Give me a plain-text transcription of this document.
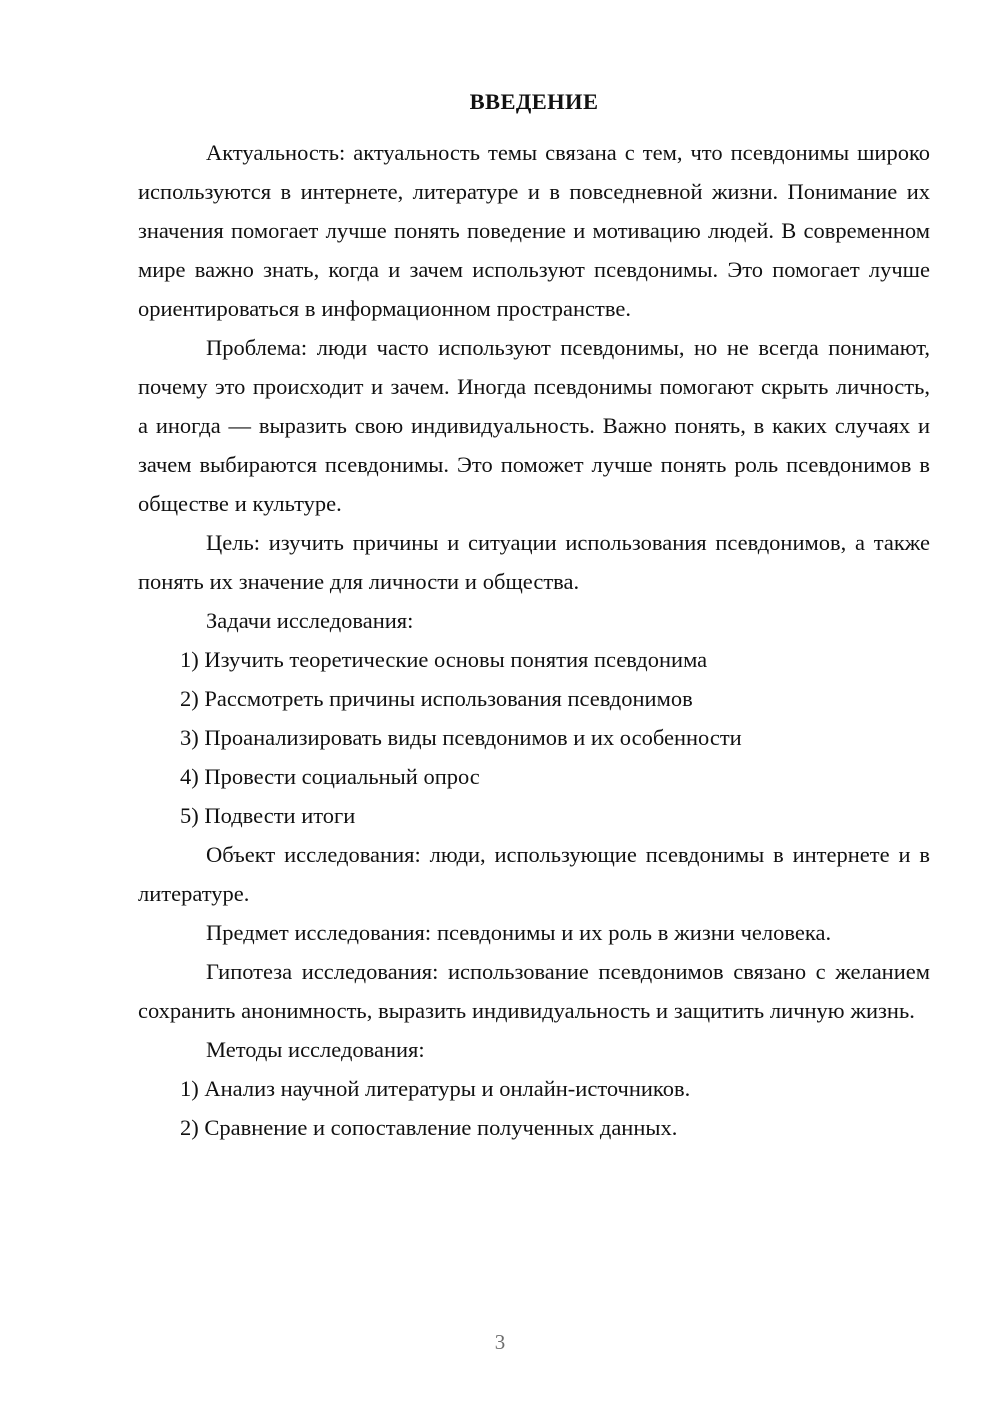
ВВЕДЕНИЕ

Актуальность: актуальность темы связана с тем, что псевдонимы широко используются в интернете, литературе и в повседневной жизни. Понимание их значения помогает лучше понять поведение и мотивацию людей. В современном мире важно знать, когда и зачем используют псевдонимы. Это помогает лучше ориентироваться в информационном пространстве.

Проблема: люди часто используют псевдонимы, но не всегда понимают, почему это происходит и зачем. Иногда псевдонимы помогают скрыть личность, а иногда — выразить свою индивидуальность. Важно понять, в каких случаях и зачем выбираются псевдонимы. Это поможет лучше понять роль псевдонимов в обществе и культуре.

Цель: изучить причины и ситуации использования псевдонимов, а также понять их значение для личности и общества.

Задачи исследования:

1) Изучить теоретические основы понятия псевдонима

2) Рассмотреть причины использования псевдонимов

3) Проанализировать виды псевдонимов и их особенности

4) Провести социальный опрос

5) Подвести итоги

Объект исследования: люди, использующие псевдонимы в интернете и в литературе.

Предмет исследования: псевдонимы и их роль в жизни человека.

Гипотеза исследования: использование псевдонимов связано с желанием сохранить анонимность, выразить индивидуальность и защитить личную жизнь.

Методы исследования:

1) Анализ научной литературы и онлайн-источников.

2) Сравнение и сопоставление полученных данных.

3
